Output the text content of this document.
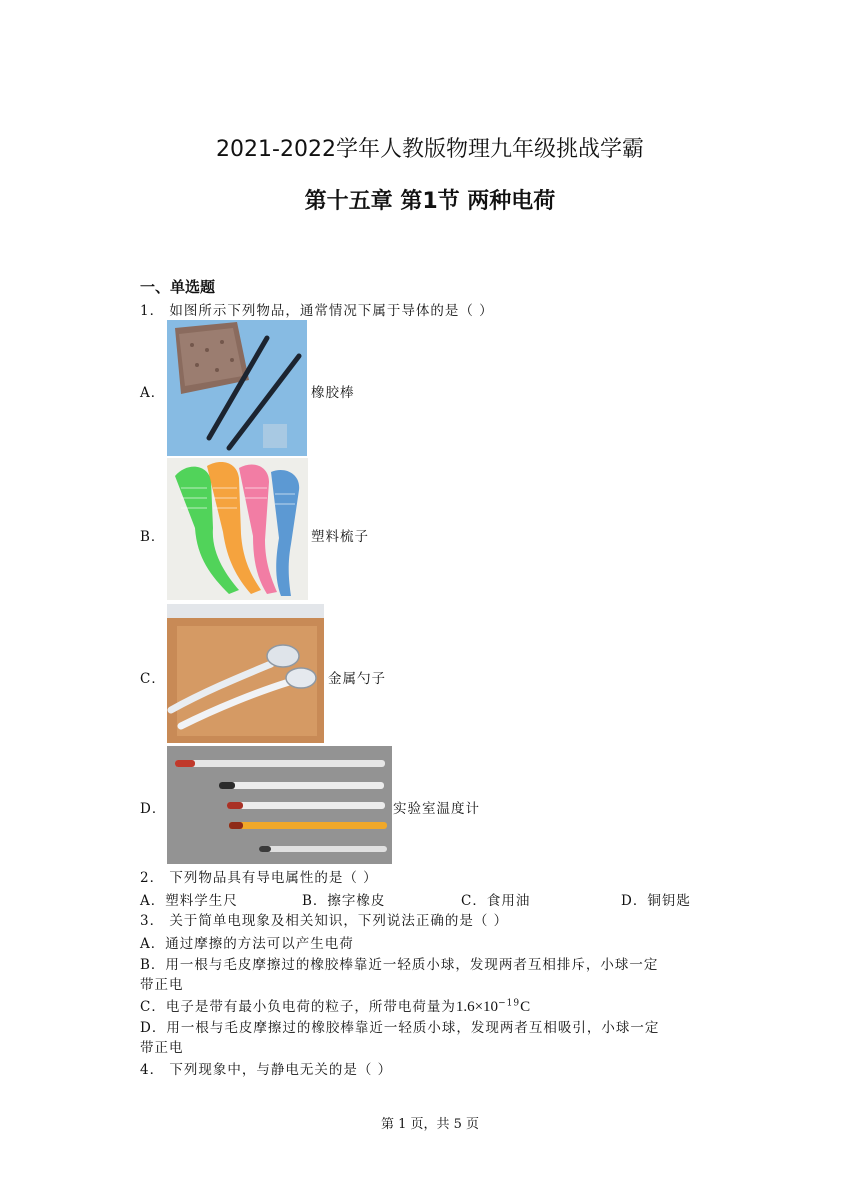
2021-2022学年人教版物理九年级挑战学霸
第十五章 第1节 两种电荷
一、单选题
1． 如图所示下列物品，通常情况下属于导体的是（ ）
A．	橡胶棒
B．	塑料梳子
C．	金属勺子
D．	实验室温度计
2． 下列物品具有导电属性的是（ ）
A．塑料学生尺	B．擦字橡皮	C．食用油	D．铜钥匙
3． 关于简单电现象及相关知识，下列说法正确的是（ ）
A．通过摩擦的方法可以产生电荷
B．用一根与毛皮摩擦过的橡胶棒靠近一轻质小球，发现两者互相排斥，小球一定
带正电
C．电子是带有最小负电荷的粒子，所带电荷量为$1.6\times 10^{-19}C$
D．用一根与毛皮摩擦过的橡胶棒靠近一轻质小球，发现两者互相吸引，小球一定
带正电
4． 下列现象中，与静电无关的是（ ）
第 1 页，共 5 页
